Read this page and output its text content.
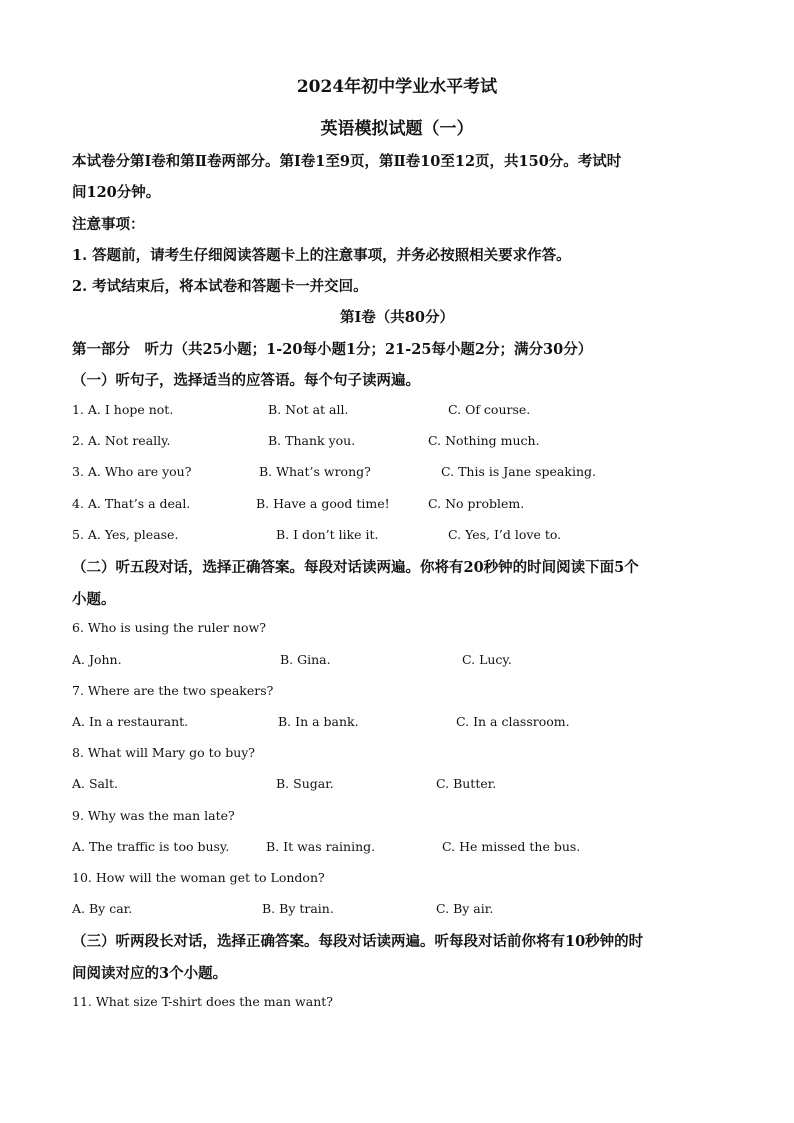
2024年初中学业水平考试
英语模拟试题（一）
本试卷分第Ⅰ卷和第Ⅱ卷两部分。第Ⅰ卷1至9页，第Ⅱ卷10至12页，共150分。考试时
间120分钟。
注意事项：
1. 答题前，请考生仔细阅读答题卡上的注意事项，并务必按照相关要求作答。
2. 考试结束后，将本试卷和答题卡一并交回。
第Ⅰ卷（共80分）
第一部分　听力（共25小题；1-20每小题1分；21-25每小题2分；满分30分）
（一）听句子，选择适当的应答语。每个句子读两遍。
1. A. I hope not.	B. Not at all.	C. Of course.
2. A. Not really.	B. Thank you.	C. Nothing much.
3. A. Who are you?	B. What’s wrong?	C. This is Jane speaking.
4. A. That’s a deal.	B. Have a good time!	C. No problem.
5. A. Yes, please.	B. I don’t like it.	C. Yes, I’d love to.
（二）听五段对话，选择正确答案。每段对话读两遍。你将有20秒钟的时间阅读下面5个
小题。
6. Who is using the ruler now?
A. John.	B. Gina.	C. Lucy.
7. Where are the two speakers?
A. In a restaurant.	B. In a bank.	C. In a classroom.
8. What will Mary go to buy?
A. Salt.	B. Sugar.	C. Butter.
9. Why was the man late?
A. The traffic is too busy.	B. It was raining.	C. He missed the bus.
10. How will the woman get to London?
A. By car.	B. By train.	C. By air.
（三）听两段长对话，选择正确答案。每段对话读两遍。听每段对话前你将有10秒钟的时
间阅读对应的3个小题。
11. What size T-shirt does the man want?
